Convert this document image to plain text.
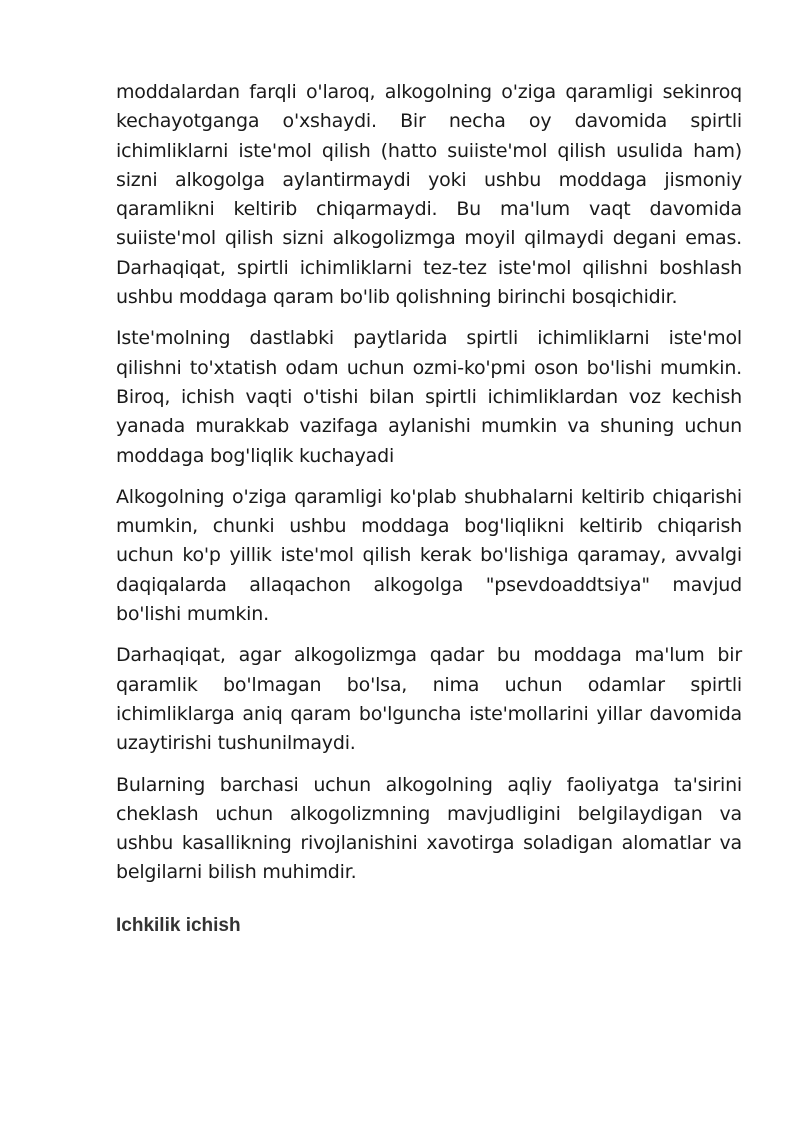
moddalardan farqli o'laroq, alkogolning o'ziga qaramligi sekinroq kechayotganga o'xshaydi. Bir necha oy davomida spirtli ichimliklarni iste'mol qilish (hatto suiiste'mol qilish usulida ham) sizni alkogolga aylantirmaydi yoki ushbu moddaga jismoniy qaramlikni keltirib chiqarmaydi. Bu ma'lum vaqt davomida suiiste'mol qilish sizni alkogolizmga moyil qilmaydi degani emas. Darhaqiqat, spirtli ichimliklarni tez-tez iste'mol qilishni boshlash ushbu moddaga qaram bo'lib qolishning birinchi bosqichidir.

Iste'molning dastlabki paytlarida spirtli ichimliklarni iste'mol qilishni to'xtatish odam uchun ozmi-ko'pmi oson bo'lishi mumkin. Biroq, ichish vaqti o'tishi bilan spirtli ichimliklardan voz kechish yanada murakkab vazifaga aylanishi mumkin va shuning uchun moddaga bog'liqlik kuchayadi

Alkogolning o'ziga qaramligi ko'plab shubhalarni keltirib chiqarishi mumkin, chunki ushbu moddaga bog'liqlikni keltirib chiqarish uchun ko'p yillik iste'mol qilish kerak bo'lishiga qaramay, avvalgi daqiqalarda allaqachon alkogolga "psevdoaddtsiya" mavjud bo'lishi mumkin.

Darhaqiqat, agar alkogolizmga qadar bu moddaga ma'lum bir qaramlik bo'lmagan bo'lsa, nima uchun odamlar spirtli ichimliklarga aniq qaram bo'lguncha iste'mollarini yillar davomida uzaytirishi tushunilmaydi.

Bularning barchasi uchun alkogolning aqliy faoliyatga ta'sirini cheklash uchun alkogolizmning mavjudligini belgilaydigan va ushbu kasallikning rivojlanishini xavotirga soladigan alomatlar va belgilarni bilish muhimdir.

Ichkilik ichish
